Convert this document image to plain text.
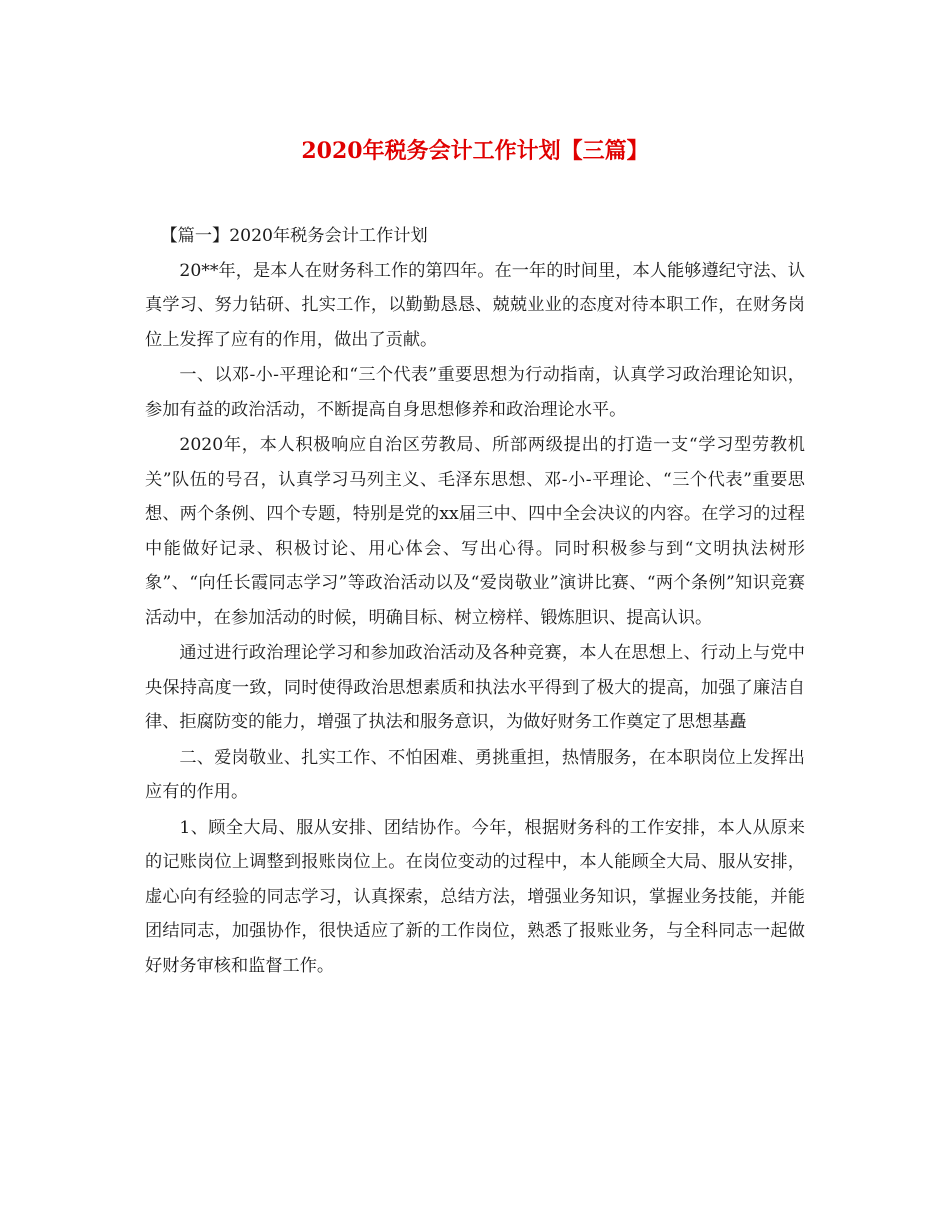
2020年税务会计工作计划【三篇】

【篇一】2020年税务会计工作计划

20**年，是本人在财务科工作的第四年。在一年的时间里，本人能够遵纪守法、认真学习、努力钻研、扎实工作，以勤勤恳恳、兢兢业业的态度对待本职工作，在财务岗位上发挥了应有的作用，做出了贡献。

一、以邓-小-平理论和“三个代表”重要思想为行动指南，认真学习政治理论知识，参加有益的政治活动，不断提高自身思想修养和政治理论水平。

2020年，本人积极响应自治区劳教局、所部两级提出的打造一支“学习型劳教机关”队伍的号召，认真学习马列主义、毛泽东思想、邓-小-平理论、“三个代表”重要思想、两个条例、四个专题，特别是党的xx届三中、四中全会决议的内容。在学习的过程中能做好记录、积极讨论、用心体会、写出心得。同时积极参与到“文明执法树形象”、“向任长霞同志学习”等政治活动以及“爱岗敬业”演讲比赛、“两个条例”知识竞赛活动中，在参加活动的时候，明确目标、树立榜样、锻炼胆识、提高认识。

通过进行政治理论学习和参加政治活动及各种竞赛，本人在思想上、行动上与党中央保持高度一致，同时使得政治思想素质和执法水平得到了极大的提高，加强了廉洁自律、拒腐防变的能力，增强了执法和服务意识，为做好财务工作奠定了思想基矗

二、爱岗敬业、扎实工作、不怕困难、勇挑重担，热情服务，在本职岗位上发挥出应有的作用。

1、顾全大局、服从安排、团结协作。今年，根据财务科的工作安排，本人从原来的记账岗位上调整到报账岗位上。在岗位变动的过程中，本人能顾全大局、服从安排，虚心向有经验的同志学习，认真探索，总结方法，增强业务知识，掌握业务技能，并能团结同志，加强协作，很快适应了新的工作岗位，熟悉了报账业务，与全科同志一起做好财务审核和监督工作。
